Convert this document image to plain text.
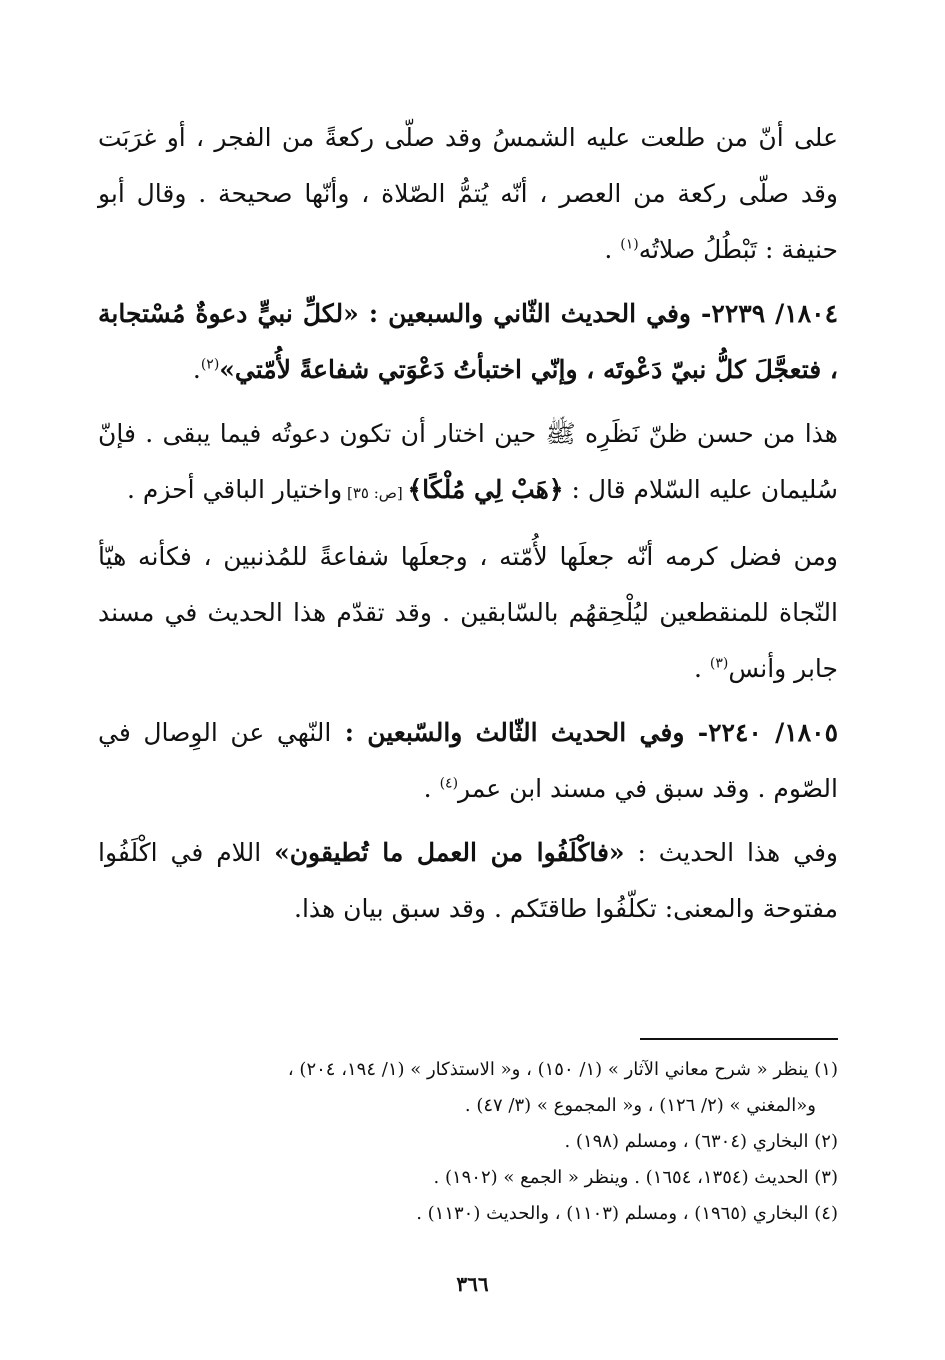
على أنّ من طلعت عليه الشمسُ وقد صلّى ركعةً من الفجر ، أو غرَبَت وقد صلّى ركعة من العصر ، أنّه يُتمُّ الصّلاة ، وأنّها صحيحة . وقال أبو حنيفة : تَبْطُلُ صلاتُه$^{(١)}$ .

١٨٠٤/ ٢٢٣٩- وفي الحديث الثّاني والسبعين : «لكلِّ نبيٍّ دعوةٌ مُسْتجابة ، فتعجَّلَ كلُّ نبيّ دَعْوتَه ، وإنّي اختبأتُ دَعْوَتي شفاعةً لأُمّتي»$^{(٢)}$.

هذا من حسن ظنّ نَظَرِه ﷺ حين اختار أن تكون دعوتُه فيما يبقى . فإنّ سُليمان عليه السّلام قال : ﴿هَبْ لِي مُلْكًا﴾ [ص: ٣٥] واختيار الباقي أحزم .

ومن فضل كرمه أنّه جعلَها لأُمّته ، وجعلَها شفاعةً للمُذنبين ، فكأنه هيّأ النّجاة للمنقطعين ليُلْحِقهُم بالسّابقين . وقد تقدّم هذا الحديث في مسند جابر وأنس$^{(٣)}$ .

١٨٠٥/ ٢٢٤٠- وفي الحديث الثّالث والسّبعين : النّهي عن الوِصال في الصّوم . وقد سبق في مسند ابن عمر$^{(٤)}$ .

وفي هذا الحديث : «فاكْلَفُوا من العمل ما تُطيقون» اللام في اكْلَفُوا مفتوحة والمعنى: تكلّفُوا طاقتَكم . وقد سبق بيان هذا.

(١) ينظر « شرح معاني الآثار » (١/ ١٥٠) ، و« الاستذكار » (١/ ١٩٤، ٢٠٤) ،

و«المغني » (٢/ ١٢٦) ، و« المجموع » (٣/ ٤٧) .

(٢) البخاري (٦٣٠٤) ، ومسلم (١٩٨) .

(٣) الحديث (١٣٥٤، ١٦٥٤) . وينظر « الجمع » (١٩٠٢) .

(٤) البخاري (١٩٦٥) ، ومسلم (١١٠٣) ، والحديث (١١٣٠) .

٣٦٦
